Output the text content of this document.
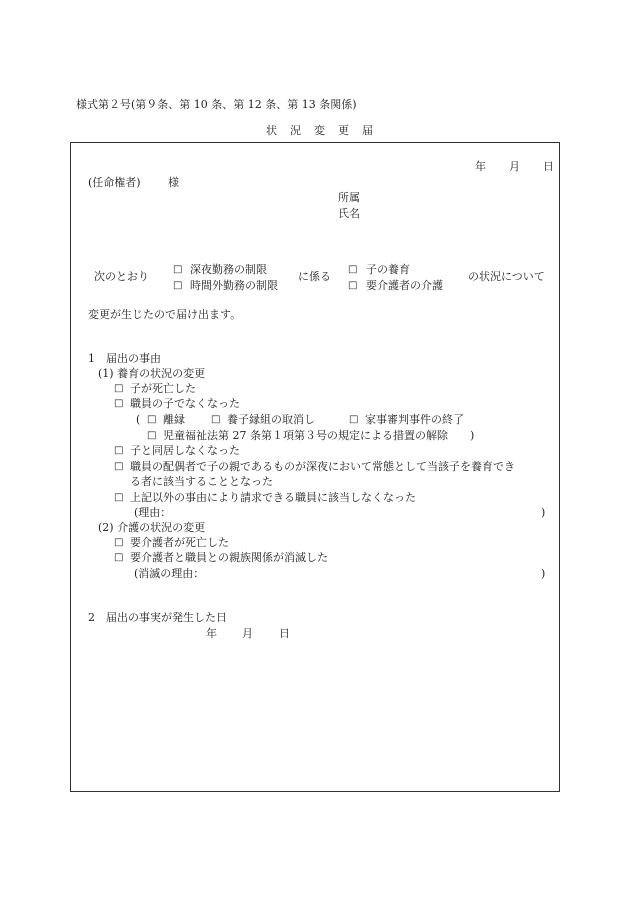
様式第２号(第９条、第 10 条、第 12 条、第 13 条関係)
状　況　変　更　届
年 月 日
(任命権者) 様
所属
氏名
次のとおり
□ 深夜勤務の制限
□ 時間外勤務の制限
に係る
□ 子の養育
□ 要介護者の介護
の状況について
変更が生じたので届け出ます。
1　届出の事由
(1) 養育の状況の変更
□ 子が死亡した
□ 職員の子でなくなった
( □ 離縁	□ 養子縁組の取消し	□ 家事審判事件の終了
□ 児童福祉法第 27 条第１項第３号の規定による措置の解除 )
□ 子と同居しなくなった
□ 職員の配偶者で子の親であるものが深夜において常態として当該子を養育でき
る者に該当することとなった
□ 上記以外の事由により請求できる職員に該当しなくなった
(理由：	)
(2) 介護の状況の変更
□ 要介護者が死亡した
□ 要介護者と職員との親族関係が消滅した
(消滅の理由：	)
2　届出の事実が発生した日
年 月 日
